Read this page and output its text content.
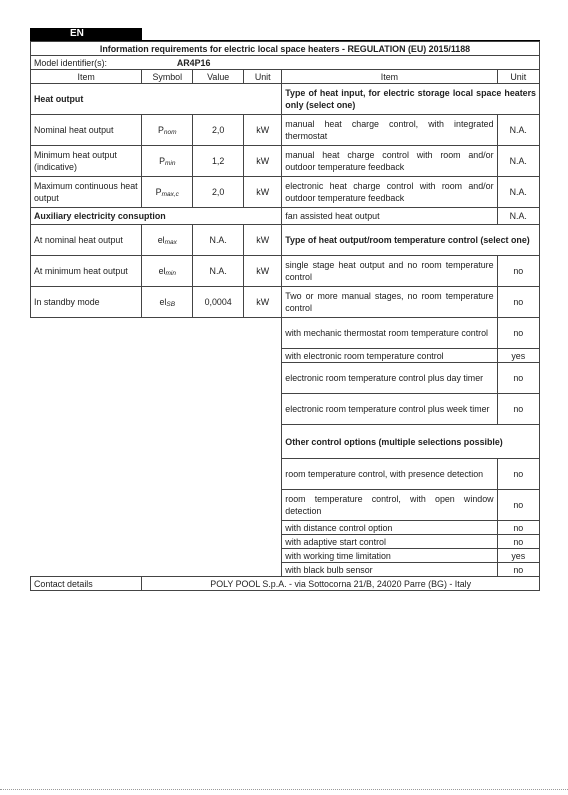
EN
Information requirements for electric local space heaters - REGULATION (EU) 2015/1188					
Model identifier(s):	AR4P16				
Item	Symbol	Value	Unit	Item	Unit
Heat output				Type of heat input, for electric storage local space heaters only (select one)	
Nominal heat output	$P_{nom}$	2,0	kW	manual heat charge control, with integrated thermostat	N.A.
Minimum heat output (indicative)	$P_{min}$	1,2	kW	manual heat charge control with room and/or outdoor temperature feedback	N.A.
Maximum continuous heat output	$P_{max,c}$	2,0	kW	electronic heat charge control with room and/or outdoor temperature feedback	N.A.
Auxiliary electricity consuption				fan assisted heat output	N.A.
At nominal heat output	$el_{max}$	N.A.	kW	Type of heat output/room temperature control (select one)	
At minimum heat output	$el_{min}$	N.A.	kW	single stage heat output and no room temperature control	no
In standby mode	$el_{SB}$	0,0004	kW	Two or more manual stages, no room temperature control	no
				with mechanic thermostat room temperature control	no
				with electronic room temperature control	yes
				electronic room temperature control plus day timer	no
				electronic room temperature control plus week timer	no
				Other control options (multiple selections possible)	
				room temperature control, with presence detection	no
				room temperature control, with open window detection	no
				with distance control option	no
				with adaptive start control	no
				with working time limitation	yes
				with black bulb sensor	no
Contact details	POLY POOL S.p.A. - via Sottocorna 21/B, 24020 Parre (BG) - Italy				
